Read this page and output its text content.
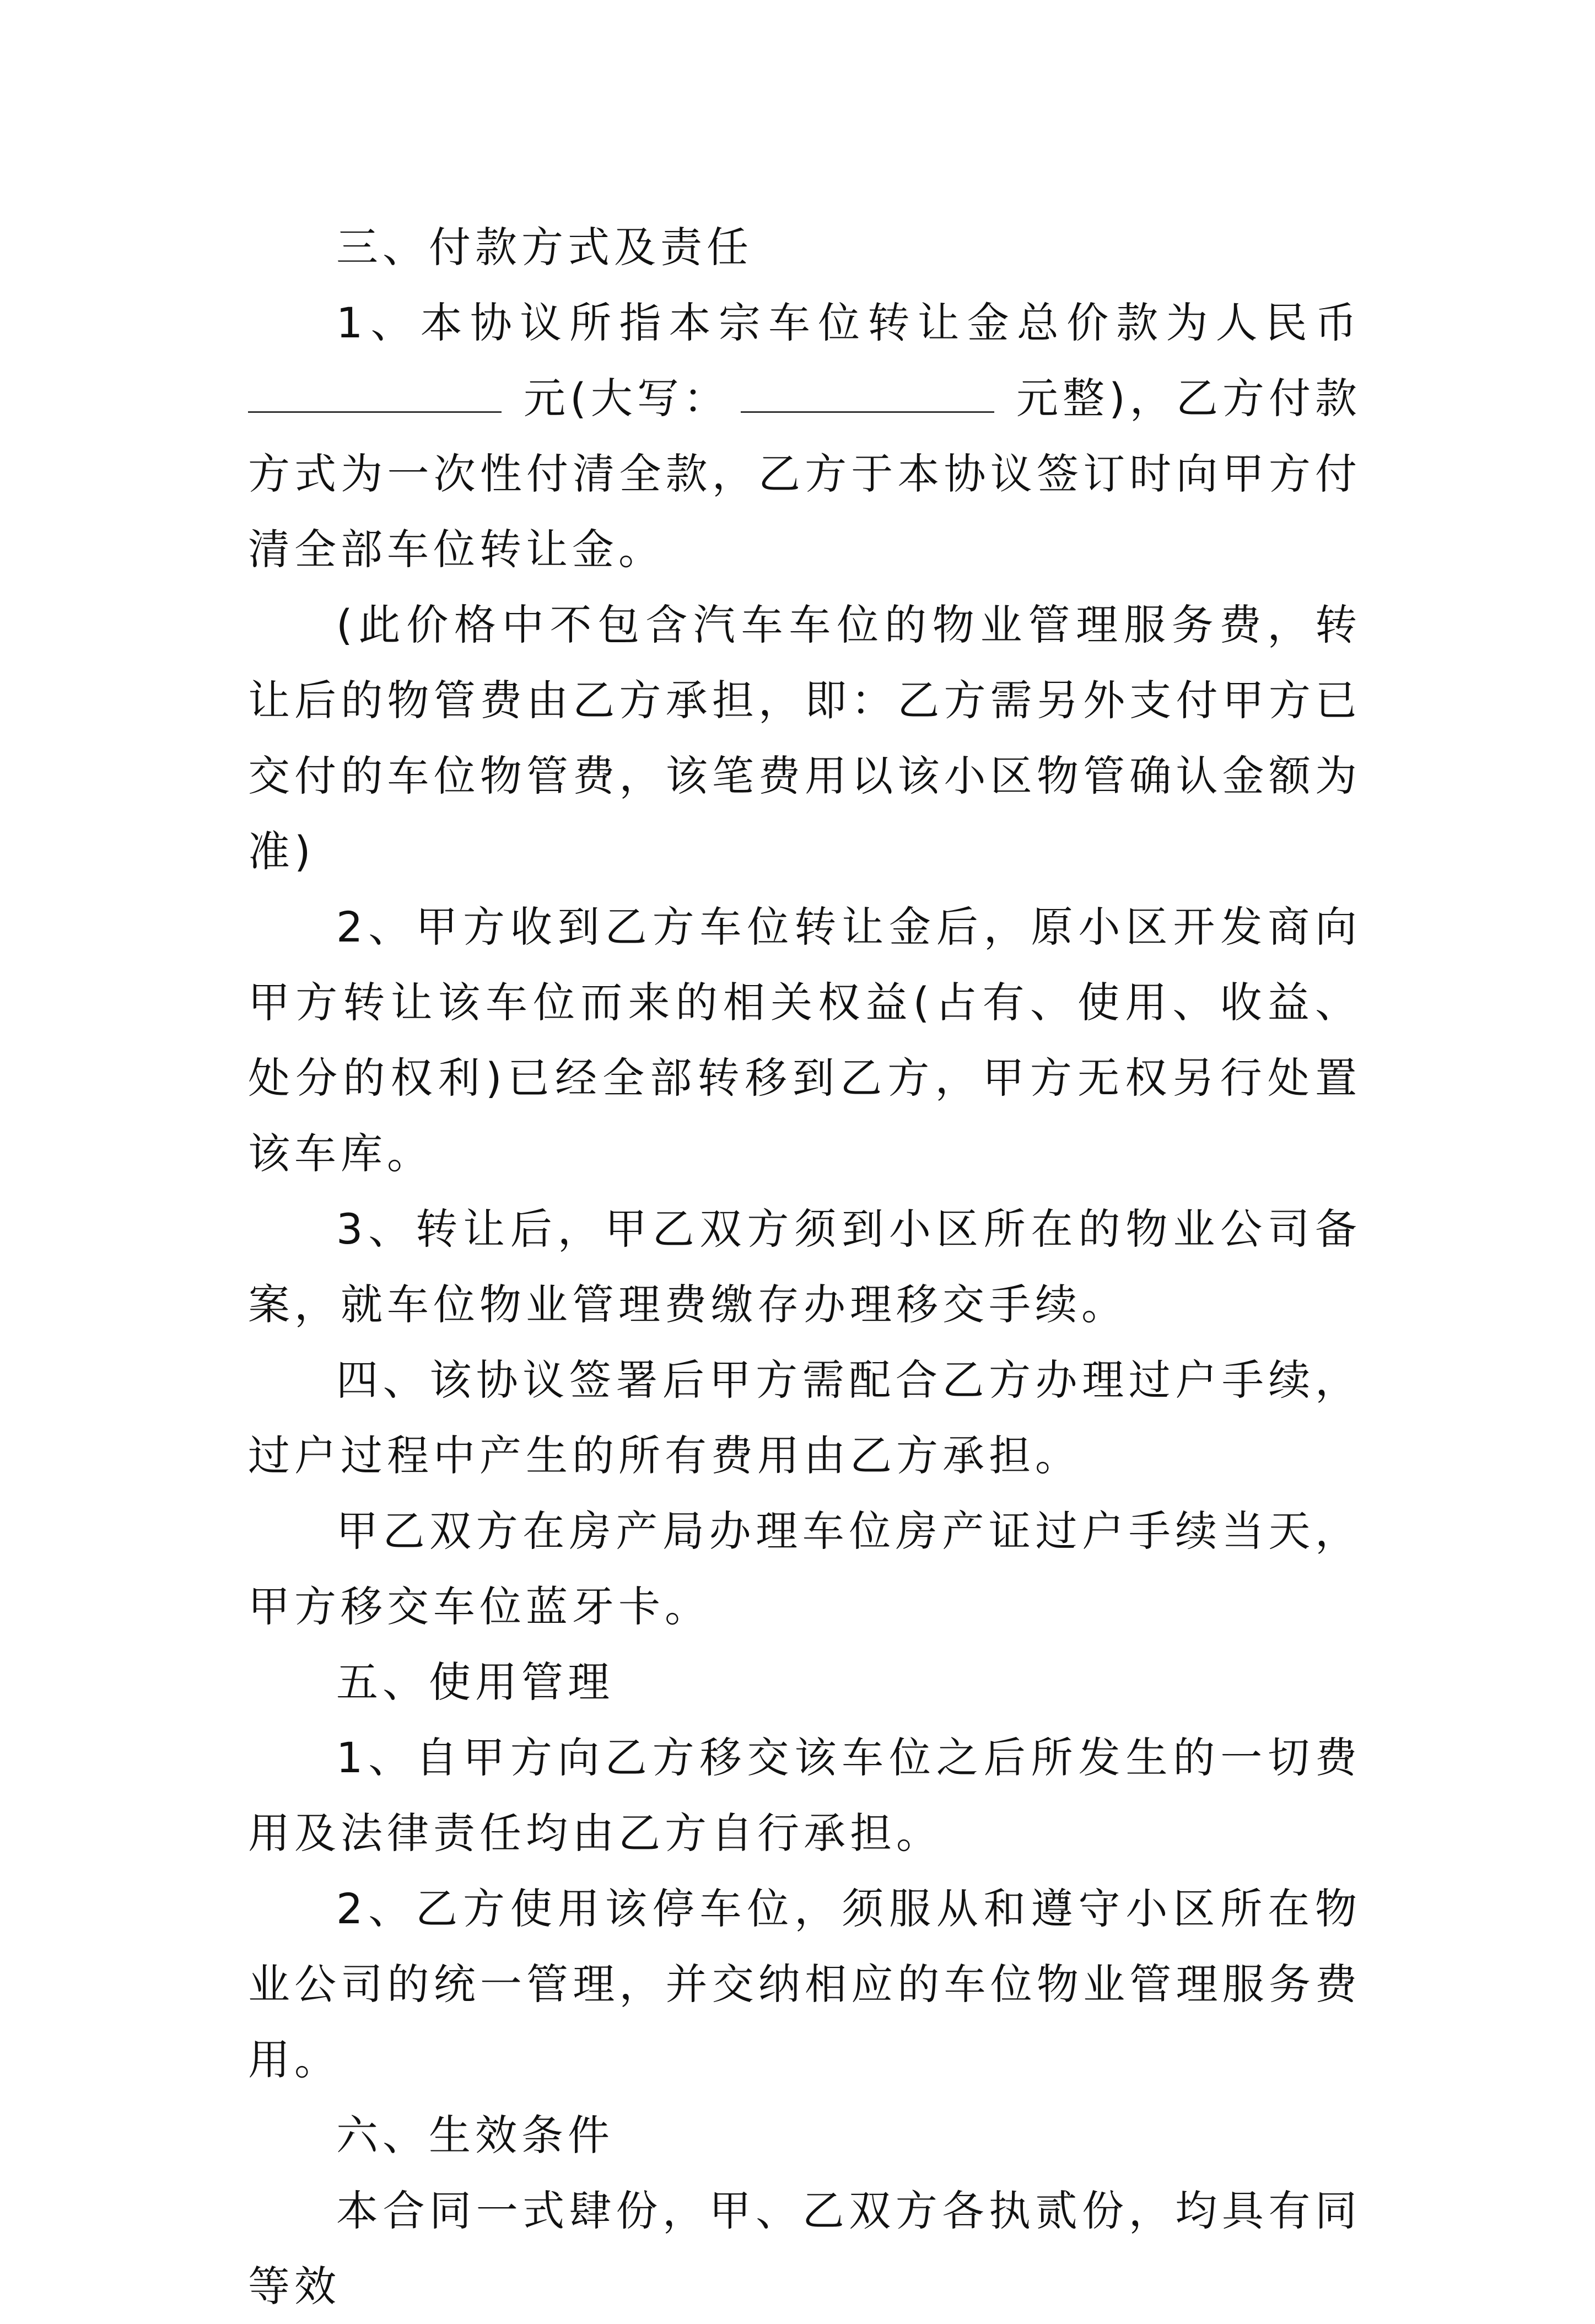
三、付款方式及责任

1、本协议所指本宗车位转让金总价款为人民币元(大写：	元整)，乙方付款方式为一次性付清全款，乙方于本协议签订时向甲方付清全部车位转让金。

(此价格中不包含汽车车位的物业管理服务费，转让后的物管费由乙方承担，即：乙方需另外支付甲方已交付的车位物管费，该笔费用以该小区物管确认金额为准)

2、甲方收到乙方车位转让金后，原小区开发商向甲方转让该车位而来的相关权益(占有、使用、收益、处分的权利)已经全部转移到乙方，甲方无权另行处置该车库。

3、转让后，甲乙双方须到小区所在的物业公司备案，就车位物业管理费缴存办理移交手续。

四、该协议签署后甲方需配合乙方办理过户手续，过户过程中产生的所有费用由乙方承担。

甲乙双方在房产局办理车位房产证过户手续当天，甲方移交车位蓝牙卡。

五、使用管理

1、自甲方向乙方移交该车位之后所发生的一切费用及法律责任均由乙方自行承担。

2、乙方使用该停车位，须服从和遵守小区所在物业公司的统一管理，并交纳相应的车位物业管理服务费用。

六、生效条件

本合同一式肆份，甲、乙双方各执贰份，均具有同等效
